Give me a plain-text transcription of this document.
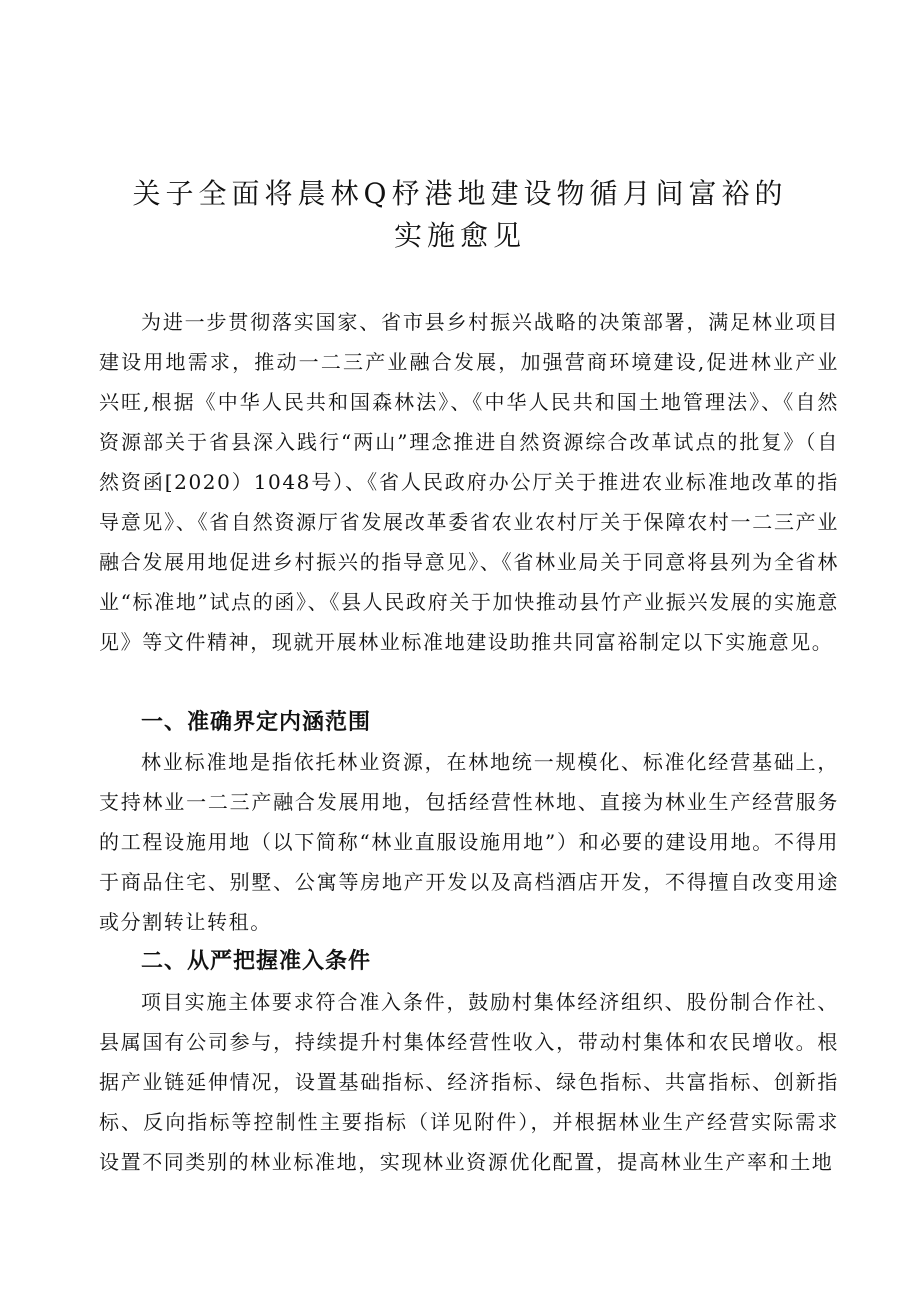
关子全面将晨林Q杼港地建设物循月间富裕的
实施愈见

为进一步贯彻落实国家、省市县乡村振兴战略的决策部署，满足林业项目建设用地需求，推动一二三产业融合发展，加强营商环境建设,促进林业产业兴旺,根据《中华人民共和国森林法》、《中华人民共和国土地管理法》、《自然资源部关于省县深入践行“两山”理念推进自然资源综合改革试点的批复》（自然资函[2020）1048号）、《省人民政府办公厅关于推进农业标准地改革的指导意见》、《省自然资源厅省发展改革委省农业农村厅关于保障农村一二三产业融合发展用地促进乡村振兴的指导意见》、《省林业局关于同意将县列为全省林业“标准地”试点的函》、《县人民政府关于加快推动县竹产业振兴发展的实施意见》等文件精神，现就开展林业标准地建设助推共同富裕制定以下实施意见。

一、准确界定内涵范围

林业标准地是指依托林业资源，在林地统一规模化、标准化经营基础上，支持林业一二三产融合发展用地，包括经营性林地、直接为林业生产经营服务的工程设施用地（以下简称“林业直服设施用地”）和必要的建设用地。不得用于商品住宅、别墅、公寓等房地产开发以及高档酒店开发，不得擅自改变用途或分割转让转租。

二、从严把握准入条件

项目实施主体要求符合准入条件，鼓励村集体经济组织、股份制合作社、县属国有公司参与，持续提升村集体经营性收入，带动村集体和农民增收。根据产业链延伸情况，设置基础指标、经济指标、绿色指标、共富指标、创新指标、反向指标等控制性主要指标（详见附件），并根据林业生产经营实际需求设置不同类别的林业标准地，实现林业资源优化配置，提高林业生产率和土地
